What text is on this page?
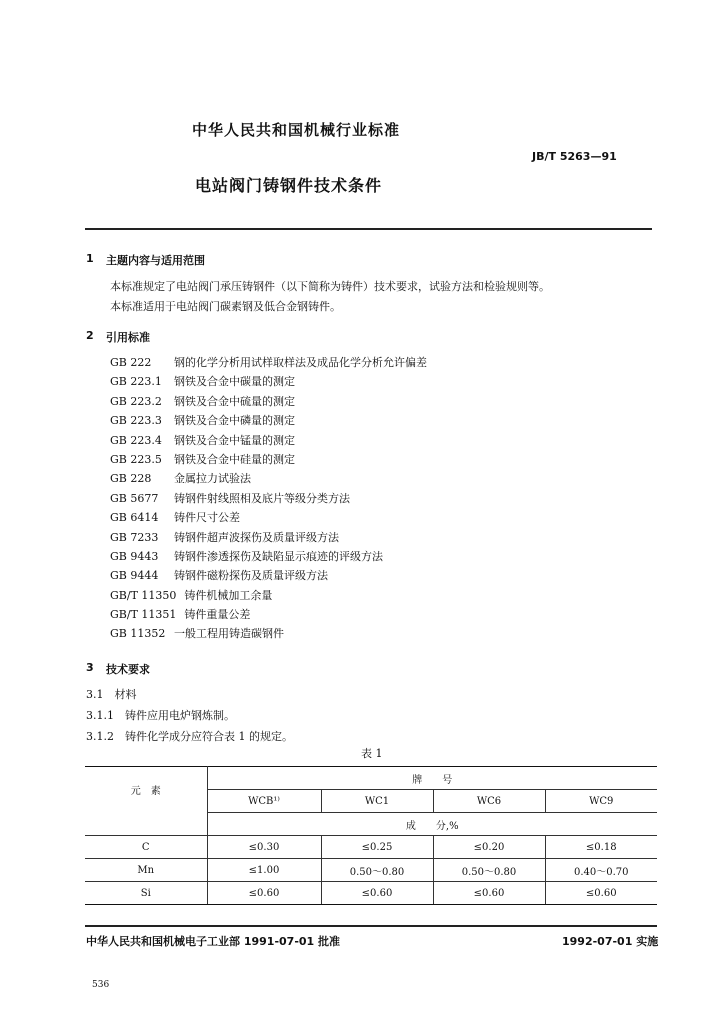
中华人民共和国机械行业标准
JB/T 5263—91
电站阀门铸钢件技术条件
1 主题内容与适用范围
本标准规定了电站阀门承压铸钢件（以下简称为铸件）技术要求，试验方法和检验规则等。
本标准适用于电站阀门碳素钢及低合金钢铸件。
2 引用标准
GB 222 钢的化学分析用试样取样法及成品化学分析允许偏差
GB 223.1 钢铁及合金中碳量的测定
GB 223.2 钢铁及合金中硫量的测定
GB 223.3 钢铁及合金中磷量的测定
GB 223.4 钢铁及合金中锰量的测定
GB 223.5 钢铁及合金中硅量的测定
GB 228 金属拉力试验法
GB 5677 铸钢件射线照相及底片等级分类方法
GB 6414 铸件尺寸公差
GB 7233 铸钢件超声波探伤及质量评级方法
GB 9443 铸钢件渗透探伤及缺陷显示痕迹的评级方法
GB 9444 铸钢件磁粉探伤及质量评级方法
GB/T 11350 铸件机械加工余量
GB/T 11351 铸件重量公差
GB 11352 一般工程用铸造碳钢件
3 技术要求
3.1　材料
3.1.1　铸件应用电炉钢炼制。
3.1.2　铸件化学成分应符合表 1 的规定。
表 1
元　素	牌　　号			
	WCB¹⁾	WC1	WC6	WC9
	成　　分,%			
C	≤0.30	≤0.25	≤0.20	≤0.18
Mn	≤1.00	0.50～0.80	0.50～0.80	0.40～0.70
Si	≤0.60	≤0.60	≤0.60	≤0.60
中华人民共和国机械电子工业部 1991-07-01 批准	1992-07-01 实施
536
